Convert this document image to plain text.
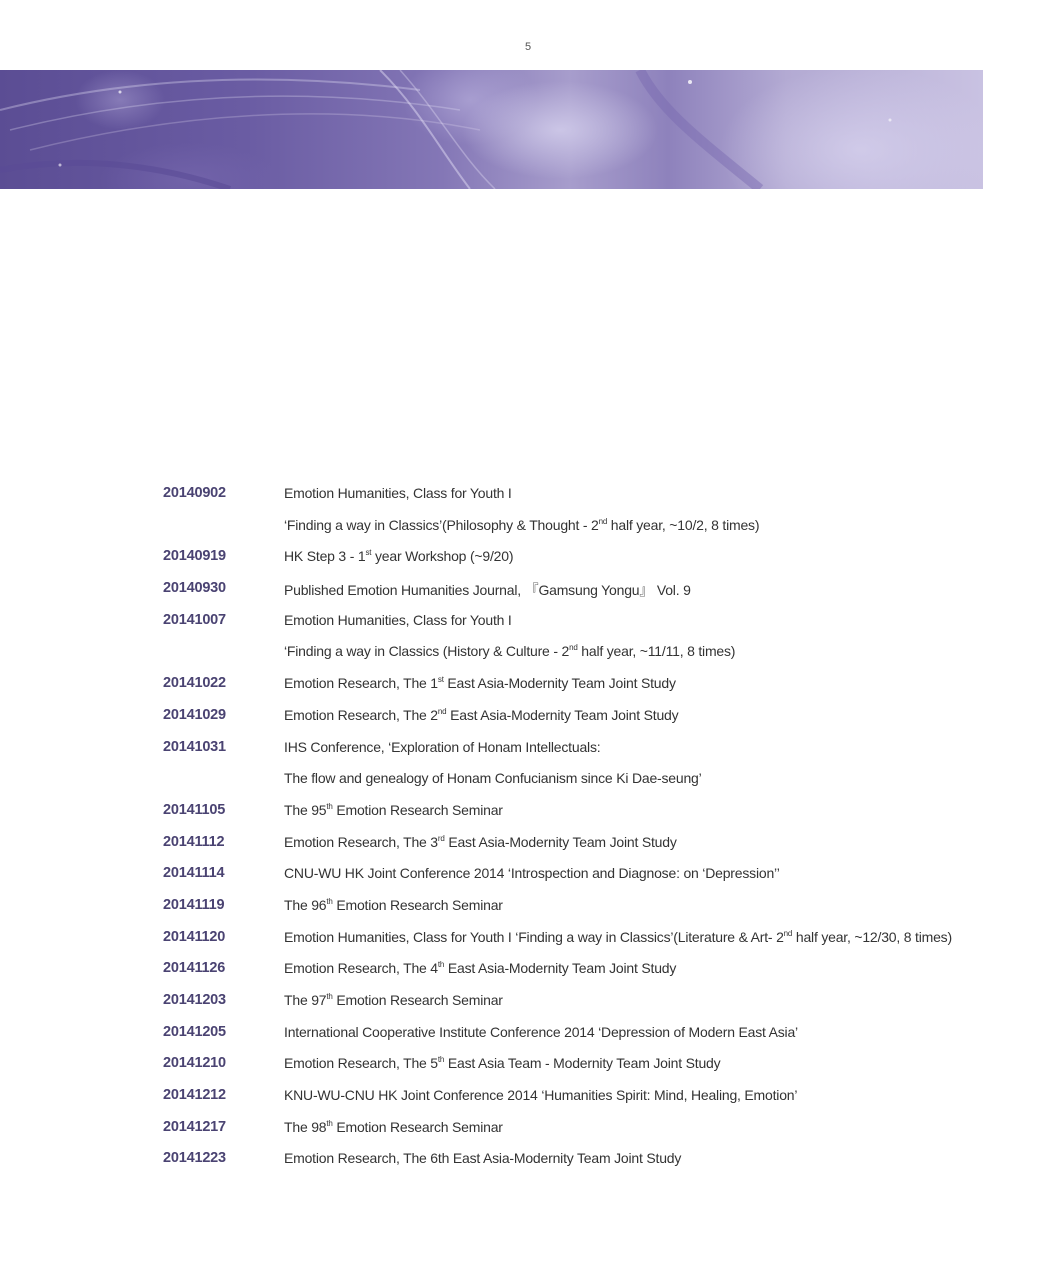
5
20140902	Emotion Humanities, Class for Youth I
‘Finding a way in Classics’(Philosophy & Thought - 2nd half year, ~10/2, 8 times)
20140919	HK Step 3 - 1st year Workshop (~9/20)
20140930	Published Emotion Humanities Journal, 『Gamsung Yongu』 Vol. 9
20141007	Emotion Humanities, Class for Youth I
‘Finding a way in Classics (History & Culture - 2nd half year, ~11/11, 8 times)
20141022	Emotion Research, The 1st East Asia-Modernity Team Joint Study
20141029	Emotion Research, The 2nd East Asia-Modernity Team Joint Study
20141031	IHS Conference, ‘Exploration of Honam Intellectuals:
The flow and genealogy of Honam Confucianism since Ki Dae-seung’
20141105	The 95th Emotion Research Seminar
20141112	Emotion Research, The 3rd East Asia-Modernity Team Joint Study
20141114	CNU-WU HK Joint Conference 2014 ‘Introspection and Diagnose: on ‘Depression’’
20141119	The 96th Emotion Research Seminar
20141120	Emotion Humanities, Class for Youth I ‘Finding a way in Classics’(Literature & Art- 2nd half year, ~12/30, 8 times)
20141126	Emotion Research, The 4th East Asia-Modernity Team Joint Study
20141203	The 97th Emotion Research Seminar
20141205	International Cooperative Institute Conference 2014 ‘Depression of Modern East Asia’
20141210	Emotion Research, The 5th East Asia Team - Modernity Team Joint Study
20141212	KNU-WU-CNU HK Joint Conference 2014 ‘Humanities Spirit: Mind, Healing, Emotion’
20141217	The 98th Emotion Research Seminar
20141223	Emotion Research, The 6th East Asia-Modernity Team Joint Study
